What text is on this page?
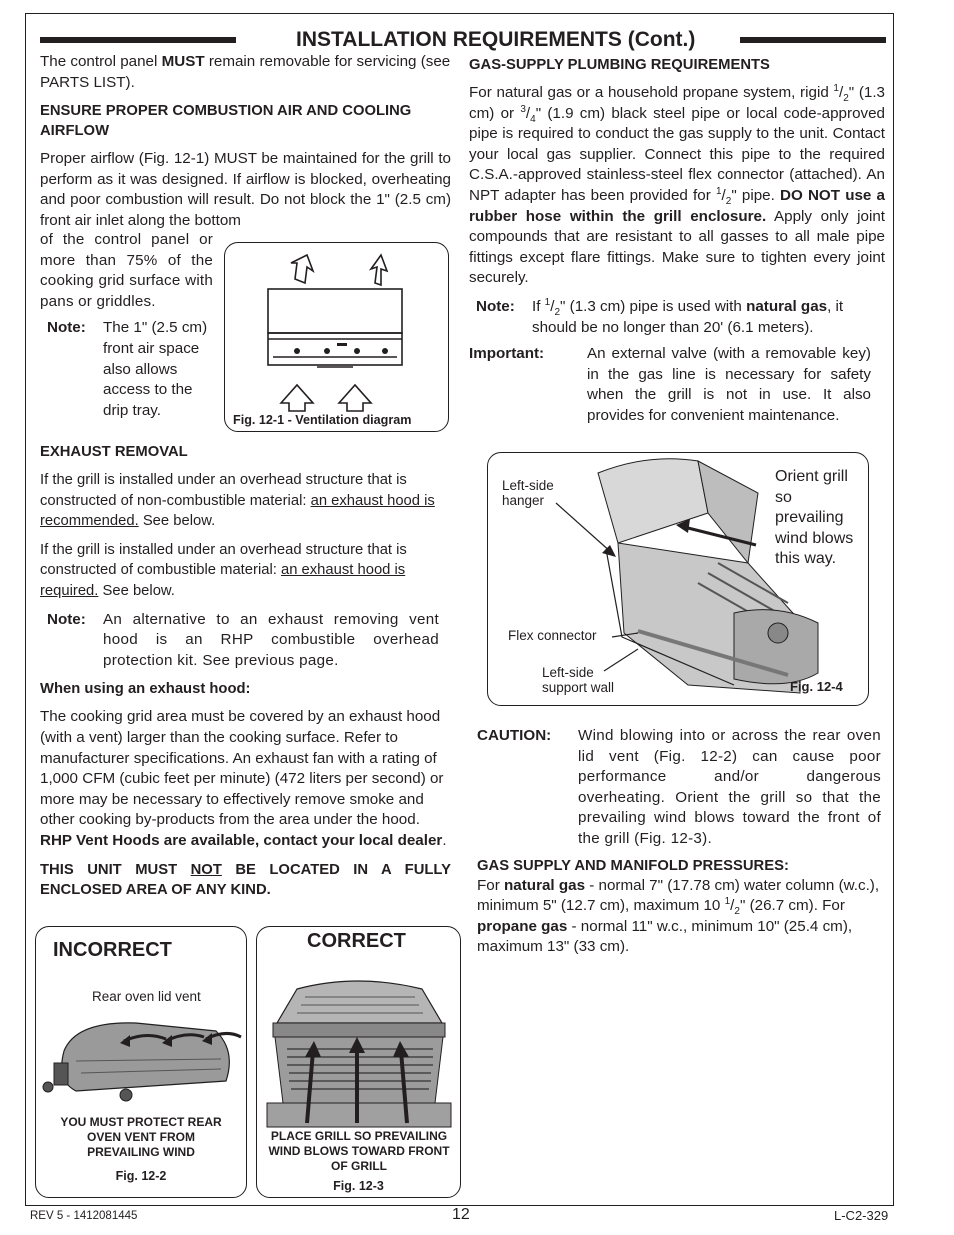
INSTALLATION REQUIREMENTS (Cont.)

The control panel MUST remain removable for servicing (see PARTS LIST).

ENSURE PROPER COMBUSTION AIR AND COOLING AIRFLOW

Proper airflow (Fig. 12-1) MUST be maintained for the grill to perform as it was designed. If airflow is blocked, overheating and poor combustion will result. Do not block the 1" (2.5 cm) front air inlet along the bottom

of the control panel or more than 75% of the cooking grid surface with pans or griddles.

Note:	The 1" (2.5 cm) front air space also allows access to the drip tray.
Fig. 12-1 - Ventilation diagram

EXHAUST REMOVAL

If the grill is installed under an overhead structure that is constructed of non-combustible material: an exhaust hood is recommended. See below.

If the grill is installed under an overhead structure that is constructed of combustible material: an exhaust hood is required. See below.

Note:	An alternative to an exhaust removing vent hood is an RHP combustible overhead protection kit. See previous page.

When using an exhaust hood:

The cooking grid area must be covered by an exhaust hood (with a vent) larger than the cooking surface. Refer to manufacturer specifications. An exhaust fan with a rating of 1,000 CFM (cubic feet per minute) (472 liters per second) or more may be necessary to effectively remove smoke and other cooking by-products from the area under the hood. RHP Vent Hoods are available, contact your local dealer.

THIS UNIT MUST NOT BE LOCATED IN A FULLY ENCLOSED AREA OF ANY KIND.

INCORRECT
Rear oven lid vent
YOU MUST PROTECT REAR OVEN VENT FROM PREVAILING WIND
Fig. 12-2
CORRECT
PLACE GRILL SO PREVAILING WIND BLOWS TOWARD FRONT OF GRILL
Fig. 12-3

GAS-SUPPLY PLUMBING REQUIREMENTS

For natural gas or a household propane system, rigid $^1/_2$" (1.3 cm) or $^3/_4$" (1.9 cm) black steel pipe or local code-approved pipe is required to conduct the gas supply to the unit. Contact your local gas supplier. Connect this pipe to the required C.S.A.-approved stainless-steel flex connector (attached). An NPT adapter has been provided for $^1/_2$" pipe. DO NOT use a rubber hose within the grill enclosure. Apply only joint compounds that are resistant to all gasses to all male pipe fittings except flare fittings. Make sure to tighten every joint securely.

Note:	If $^1/_2$" (1.3 cm) pipe is used with natural gas, it should be no longer than 20' (6.1 meters).
Important:	An external valve (with a removable key) in the gas line is necessary for safety when the grill is not in use. It also provides for convenient maintenance.
Left-side hanger
Orient grill so prevailing wind blows this way.
Flex connector
Left-side support wall	Fig. 12-4
CAUTION:	Wind blowing into or across the rear oven lid vent (Fig. 12-2) can cause poor performance and/or dangerous overheating. Orient the grill so that the prevailing wind blows toward the front of the grill (Fig. 12-3).

GAS SUPPLY AND MANIFOLD PRESSURES:

For natural gas - normal 7" (17.78 cm) water column (w.c.), minimum 5" (12.7 cm), maximum 10 $^1/_2$" (26.7 cm). For propane gas - normal 11" w.c., minimum 10" (25.4 cm), maximum 13" (33 cm).

REV 5 - 1412081445	12	L-C2-329
